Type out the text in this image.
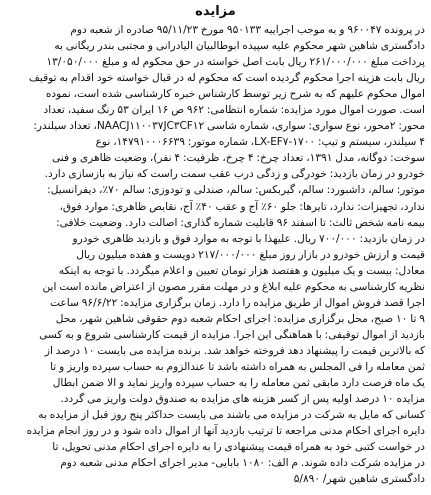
مزایده
در پرونده ۹۶۰۰۴۷ و به موجب اجراییه ۹۵۰۱۳۳ مورخ ۹۵/۱۱/۲۳ صادره از شعبه دوم
دادگستری شاهین شهر محکوم علیه سپیده ابوطالبیان الیادرانی و مجتبی بندر ریگانی به
پرداخت مبلغ ۲۶۱/۰۰۰/۰۰۰ ریال بابت اصل خواسته در حق محکوم له و مبلغ ۱۳/۰۵۰/۰۰۰
ریال بابت هزینه اجرا محکوم گردیده است که محکوم له در قبال خواسته خود اقدام به توقیف
اموال محکوم علیهم که به شرح زیر توسط کارشناس خبره کارشناسی شده است، نموده
است. صورت اموال مورد مزایده: شماره انتظامی: ۹۶۲ ص ۱۶ ایران ۵۳ رنگ سفید، تعداد
محور: ۲محور، نوع سواری: سواری، شماره شاسی NAACJ۱۱۰۰۳۷JC۳CF۱۲، تعداد سیلندر:
۴ سیلندر، سیستم و تیپ: LX-EF۷-۱۷۰۰، شماره موتور: ۱۴۷۹۱۰۰۰۶۶۳۹، نوع
سوخت: دوگانه، مدل ۱۳۹۱، تعداد چرخ: ۴ چرخ، ظرفیت: ۴ نفر)، وضعیت ظاهری و فنی
خودرو در زمان بازدید: خودرگی و زدگی درب عقب سمت راست که نیاز به بازسازی دارد.
موتور: سالم، داشبورد: سالم، گیربکس: سالم، صندلی و تودوزی: سالم ۷۰٪، دیفرانسیل:
ندارد، تجهیزات: ندارد، تایرها: جلو ۶۰٪ آج و عقب ۴۰٪ آج، نقایص ظاهری: موارد فوق،
بیمه نامه شخص ثالث: تا اسفند ۹۶ قابلیت شماره گذاری: اصالت دارد. وضعیت خلافی:
در زمان بازدید: ۷۰۰/۰۰۰ ریال. علیهذا با توجه به موارد فوق و بازدید ظاهری خودرو
قیمت و ارزش خودرو در بازار روز مبلغ ۲۱۷/۰۰۰/۰۰۰ دویست و هفده میلیون ریال
معادل: بیست و یک میلیون و هفتصد هزار تومان تعیین و اعلام میگردد. با توجه به اینکه
نظریه کارشناسی به محکوم علیه ابلاغ و در مهلت مقرر مصون از اعتراض مانده است این
اجرا قصد فروش اموال از طریق مزایده را دارد. زمان برگزاری مزایده: ۹۶/۶/۲۲ ساعت
۹ تا ۱۰ صبح، محل برگزاری مزایده: اجرای احکام شعبه دوم حقوقی شاهین شهر، محل
بازدید از اموال توقیفی: با هماهنگی این اجرا. مزایده از قیمت کارشناسی شروع و به کسی
که بالاترین قیمت را پیشنهاد دهد فروخته خواهد شد. برنده مزایده می بایست ۱۰ درصد از
ثمن معامله را فی المجلس به همراه داشته باشد تا عندالزوم به حساب سپرده واریز و تا
یک ماه فرصت دارد مابقی ثمن معامله را به حساب سپرده واریز نماید و الا ضمن ابطال
مزایده ۱۰ درصد اولیه پس از کسر هزینه های مزایده به صندوق دولت واریز می گردد.
کسانی که مایل به شرکت در مزایده می باشند می بایست حداکثر پنج روز قبل از مزایده به
دایره اجرای احکام مدنی مراجعه تا ترتیب بازدید آنها از اموال داده شود و در روز انجام مزایده
در خواست کتبی خود به همراه قیمت پیشنهادی را به دایره اجرای احکام مدنی تحویل، تا
در مزایده شرکت داده شوند. م الف: ۱۰۸۰ بابایی- مدیر اجرای احکام مدنی شعبه دوم
دادگستری شاهین شهر/ ۵/۸۹۰
